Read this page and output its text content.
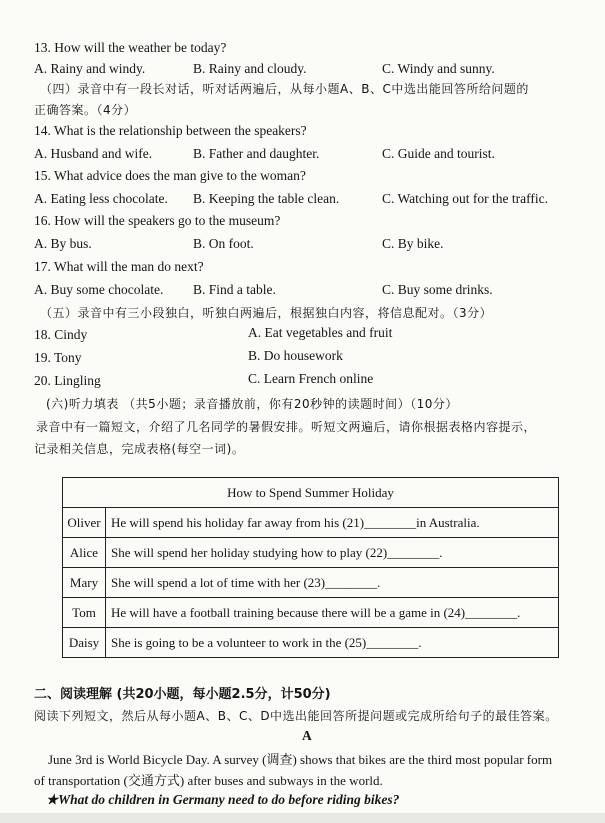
13. How will the weather be today?
A. Rainy and windy.	B. Rainy and cloudy.	C. Windy and sunny.
（四）录音中有一段长对话，听对话两遍后，从每小题A、B、C中选出能回答所给问题的
正确答案。（4分）
14. What is the relationship between the speakers?
A. Husband and wife.	B. Father and daughter.	C. Guide and tourist.
15. What advice does the man give to the woman?
A. Eating less chocolate. B. Keeping the table clean.	C. Watching out for the traffic.
16. How will the speakers go to the museum?
A. By bus.	B. On foot.	C. By bike.
17. What will the man do next?
A. Buy some chocolate. B. Find a table.	C. Buy some drinks.
（五）录音中有三小段独白，听独白两遍后，根据独白内容，将信息配对。（3分）
18. Cindy	A. Eat vegetables and fruit
19. Tony	B. Do housework
20. Lingling	C. Learn French online
(六)听力填表 （共5小题；录音播放前，你有20秒钟的读题时间）（10分）
录音中有一篇短文，介绍了几名同学的暑假安排。听短文两遍后，请你根据表格内容提示，
记录相关信息，完成表格(每空一词)。
How to Spend Summer Holiday	
Oliver	He will spend his holiday far away from his (21)________in Australia.
Alice	She will spend her holiday studying how to play (22)________.
Mary	She will spend a lot of time with her (23)________.
Tom	He will have a football training because there will be a game in (24)________.
Daisy	She is going to be a volunteer to work in the (25)________.
二、阅读理解 (共20小题，每小题2.5分，计50分)
阅读下列短文，然后从每小题A、B、C、D中选出能回答所提问题或完成所给句子的最佳答案。
A
June 3rd is World Bicycle Day. A survey (调查) shows that bikes are the third most popular form
of transportation (交通方式) after buses and subways in the world.
★What do children in Germany need to do before riding bikes?
